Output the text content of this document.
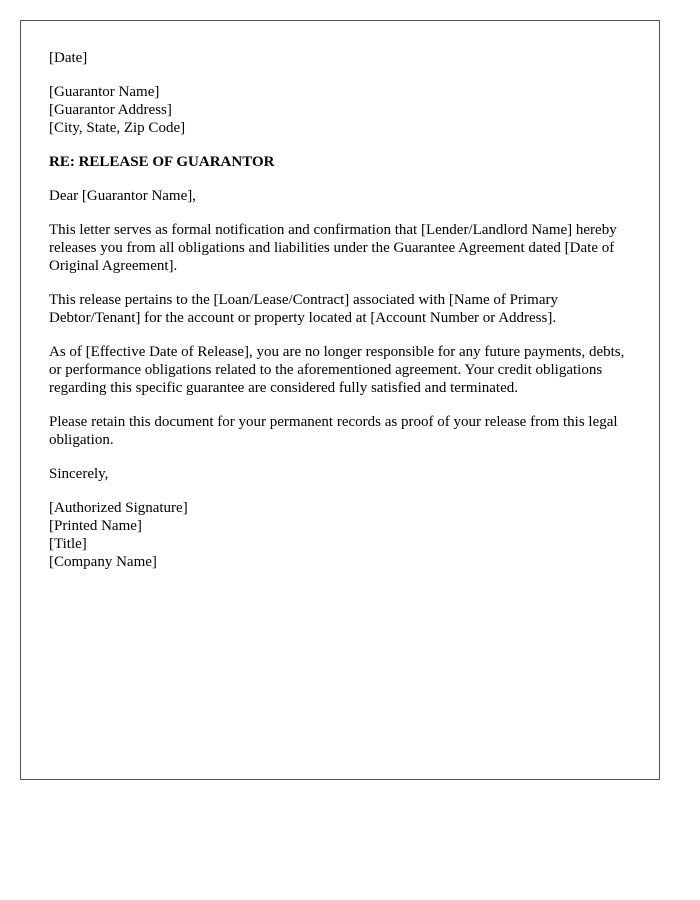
[Date]

[Guarantor Name]
[Guarantor Address]
[City, State, Zip Code]

RE: RELEASE OF GUARANTOR

Dear [Guarantor Name],

This letter serves as formal notification and confirmation that [Lender/Landlord Name] hereby releases you from all obligations and liabilities under the Guarantee Agreement dated [Date of Original Agreement].

This release pertains to the [Loan/Lease/Contract] associated with [Name of Primary Debtor/Tenant] for the account or property located at [Account Number or Address].

As of [Effective Date of Release], you are no longer responsible for any future payments, debts, or performance obligations related to the aforementioned agreement. Your credit obligations regarding this specific guarantee are considered fully satisfied and terminated.

Please retain this document for your permanent records as proof of your release from this legal obligation.

Sincerely,

[Authorized Signature]
[Printed Name]
[Title]
[Company Name]
